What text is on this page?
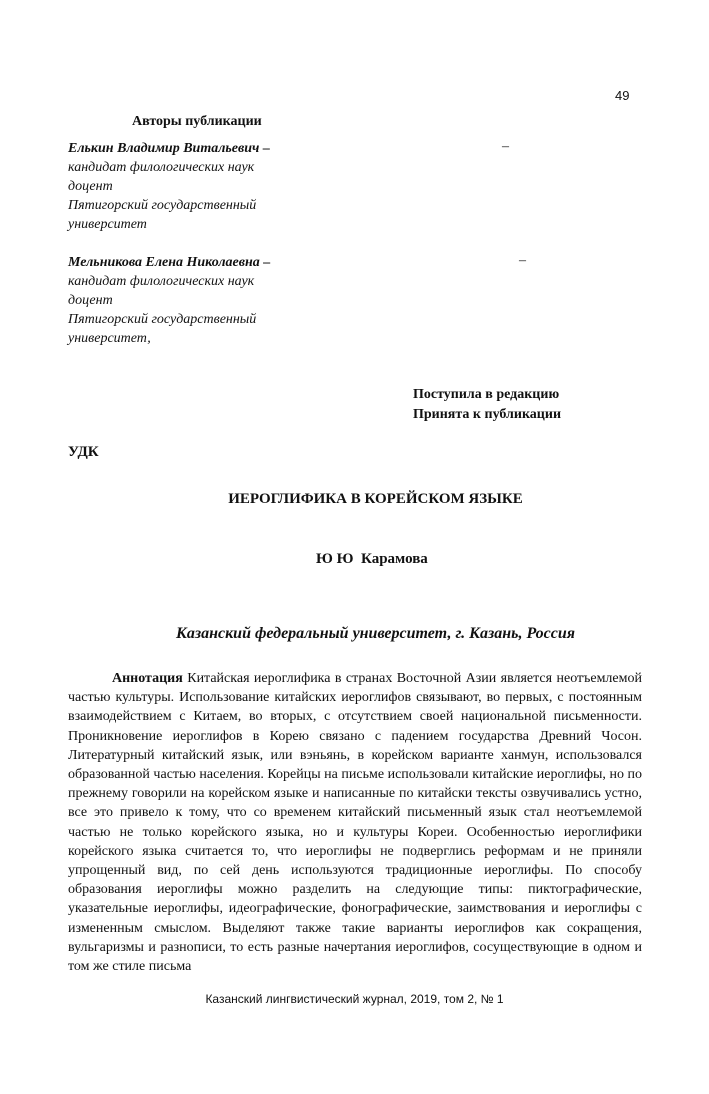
49
Авторы публикации
Елькин Владимир Витальевич –
кандидат филологических наук
доцент
Пятигорский государственный
университет
–
Мельникова Елена Николаевна –
кандидат филологических наук
доцент
Пятигорский государственный
университет,
–
Поступила в редакцию
Принята к публикации
УДК
ИЕРОГЛИФИКА В КОРЕЙСКОМ ЯЗЫКЕ
Ю Ю  Карамова
Казанский федеральный университет, г. Казань, Россия

Аннотация Китайская иероглифика в странах Восточной Азии является неотъемлемой частью культуры. Использование китайских иероглифов связывают, во первых, с постоянным взаимодействием с Китаем, во вторых, с отсутствием своей национальной письменности. Проникновение иероглифов в Корею связано с падением государства Древний Чосон. Литературный китайский язык, или вэньянь, в корейском варианте ханмун, использовался образованной частью населения. Корейцы на письме использовали китайские иероглифы, но по прежнему говорили на корейском языке и написанные по китайски тексты озвучивались устно, все это привело к тому, что со временем китайский письменный язык стал неотъемлемой частью не только корейского языка, но и культуры Кореи. Особенностью иероглифики корейского языка считается то, что иероглифы не подверглись реформам и не приняли упрощенный вид, по сей день используются традиционные иероглифы. По способу образования иероглифы можно разделить на следующие типы: пиктографические, указательные иероглифы, идеографические, фонографические, заимствования и иероглифы с измененным смыслом. Выделяют также такие варианты иероглифов как сокращения, вульгаризмы и разнописи, то есть разные начертания иероглифов, сосуществующие в одном и том же стиле письма

Казанский лингвистический журнал, 2019, том 2, № 1
